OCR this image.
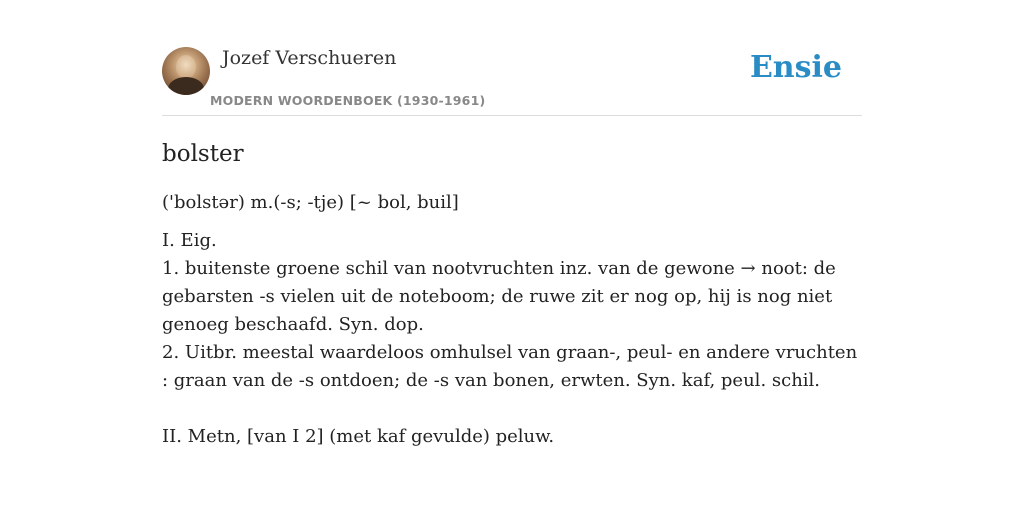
Jozef Verschueren
MODERN WOORDENBOEK (1930-1961)
Ensie
bolster
('bolstər) m.(-s; -tje) [~ bol, buil]

I. Eig.

1. buitenste groene schil van nootvruchten inz. van de gewone → noot: de gebarsten -s vielen uit de noteboom; de ruwe zit er nog op, hij is nog niet genoeg beschaafd. Syn. dop.

2. Uitbr. meestal waardeloos omhulsel van graan-, peul- en andere vruchten : graan van de -s ontdoen; de -s van bonen, erwten. Syn. kaf, peul. schil.

II. Metn, [van I 2] (met kaf gevulde) peluw.
